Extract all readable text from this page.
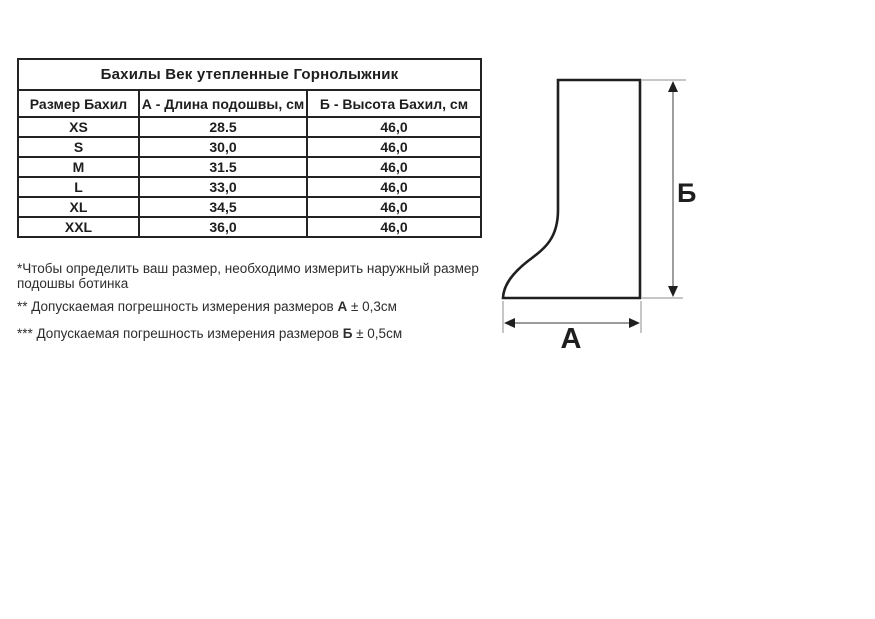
Бахилы Век утепленные Горнолыжник		
Размер Бахил	А - Длина подошвы, см	Б - Высота Бахил, см
XS	28.5	46,0
S	30,0	46,0
M	31.5	46,0
L	33,0	46,0
XL	34,5	46,0
XXL	36,0	46,0
*Чтобы определить ваш размер, необходимо измерить наружный размер
подошвы ботинка
** Допускаемая погрешность измерения размеров А ± 0,3см
*** Допускаемая погрешность измерения размеров Б ± 0,5см
Б
А
